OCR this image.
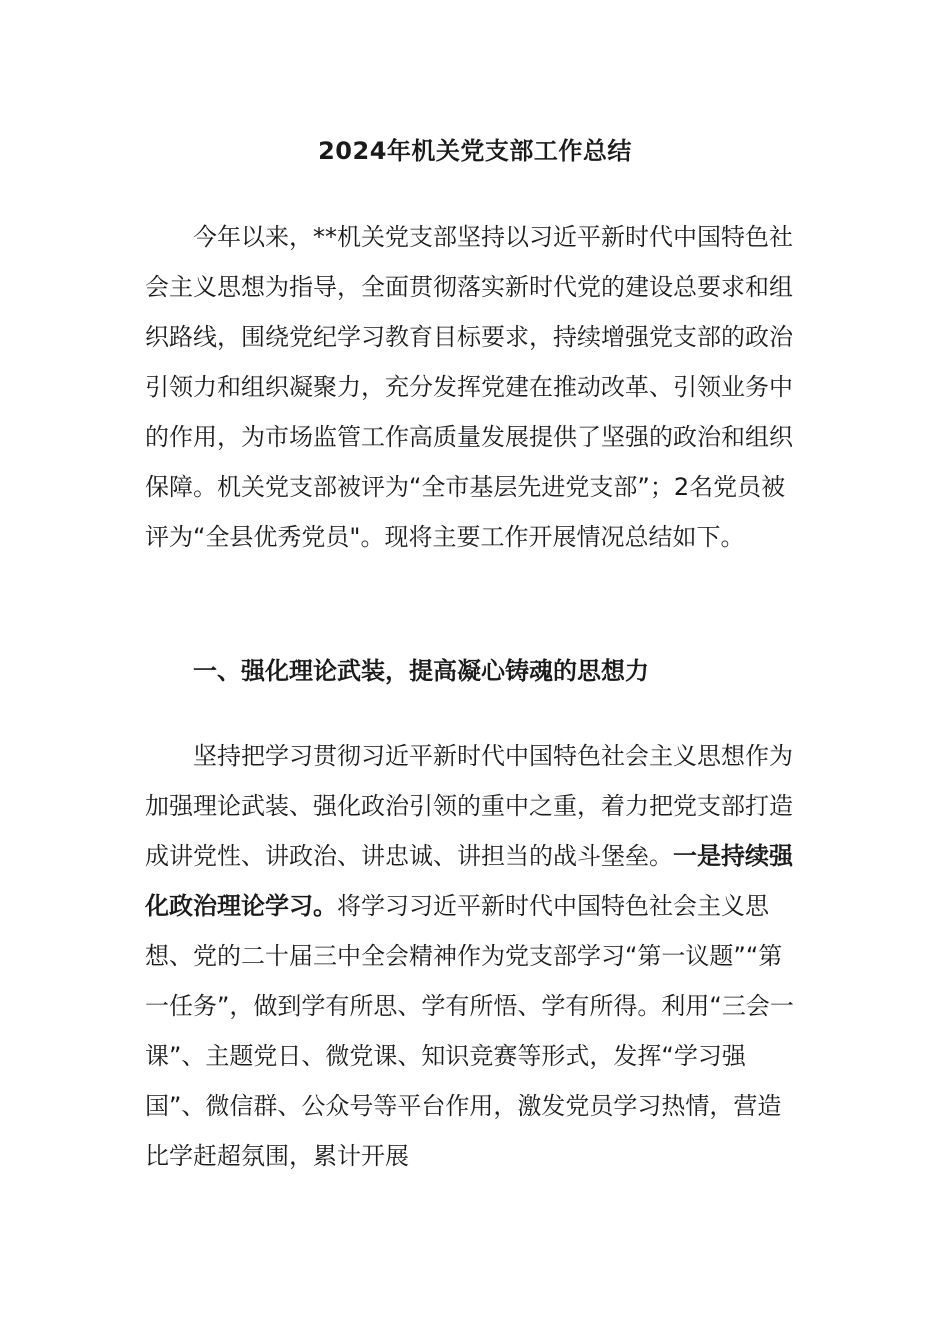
2024年机关党支部工作总结

今年以来，**机关党支部坚持以习近平新时代中国特色社会主义思想为指导，全面贯彻落实新时代党的建设总要求和组织路线，围绕党纪学习教育目标要求，持续增强党支部的政治引领力和组织凝聚力，充分发挥党建在推动改革、引领业务中的作用，为市场监管工作高质量发展提供了坚强的政治和组织保障。机关党支部被评为“全市基层先进党支部”；2名党员被评为“全县优秀党员"。现将主要工作开展情况总结如下。

一、强化理论武装，提高凝心铸魂的思想力

坚持把学习贯彻习近平新时代中国特色社会主义思想作为加强理论武装、强化政治引领的重中之重，着力把党支部打造成讲党性、讲政治、讲忠诚、讲担当的战斗堡垒。一是持续强化政治理论学习。将学习习近平新时代中国特色社会主义思想、党的二十届三中全会精神作为党支部学习“第一议题”“第一任务”，做到学有所思、学有所悟、学有所得。利用“三会一课”、主题党日、微党课、知识竞赛等形式，发挥“学习强国”、微信群、公众号等平台作用，激发党员学习热情，营造比学赶超氛围，累计开展
